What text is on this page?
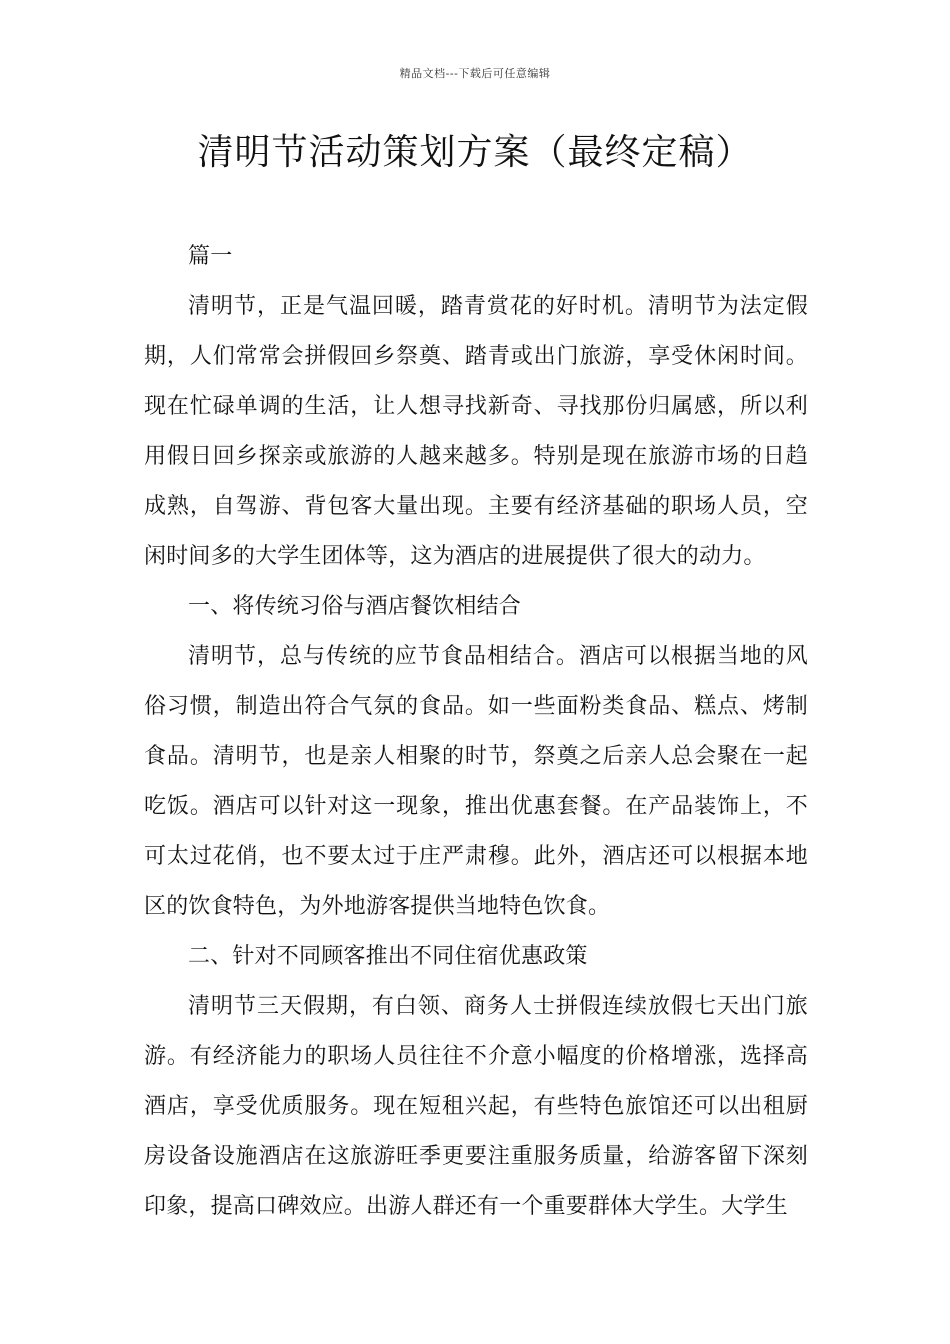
精品文档---下载后可任意编辑
清明节活动策划方案（最终定稿）

篇一

清明节，正是气温回暖，踏青赏花的好时机。清明节为法定假期，人们常常会拼假回乡祭奠、踏青或出门旅游，享受休闲时间。现在忙碌单调的生活，让人想寻找新奇、寻找那份归属感，所以利用假日回乡探亲或旅游的人越来越多。特别是现在旅游市场的日趋成熟，自驾游、背包客大量出现。主要有经济基础的职场人员，空闲时间多的大学生团体等，这为酒店的进展提供了很大的动力。

一、将传统习俗与酒店餐饮相结合

清明节，总与传统的应节食品相结合。酒店可以根据当地的风俗习惯，制造出符合气氛的食品。如一些面粉类食品、糕点、烤制食品。清明节，也是亲人相聚的时节，祭奠之后亲人总会聚在一起吃饭。酒店可以针对这一现象，推出优惠套餐。在产品装饰上，不可太过花俏，也不要太过于庄严肃穆。此外，酒店还可以根据本地区的饮食特色，为外地游客提供当地特色饮食。

二、针对不同顾客推出不同住宿优惠政策

清明节三天假期，有白领、商务人士拼假连续放假七天出门旅游。有经济能力的职场人员往往不介意小幅度的价格增涨，选择高酒店，享受优质服务。现在短租兴起，有些特色旅馆还可以出租厨房设备设施酒店在这旅游旺季更要注重服务质量，给游客留下深刻印象，提高口碑效应。出游人群还有一个重要群体大学生。大学生
